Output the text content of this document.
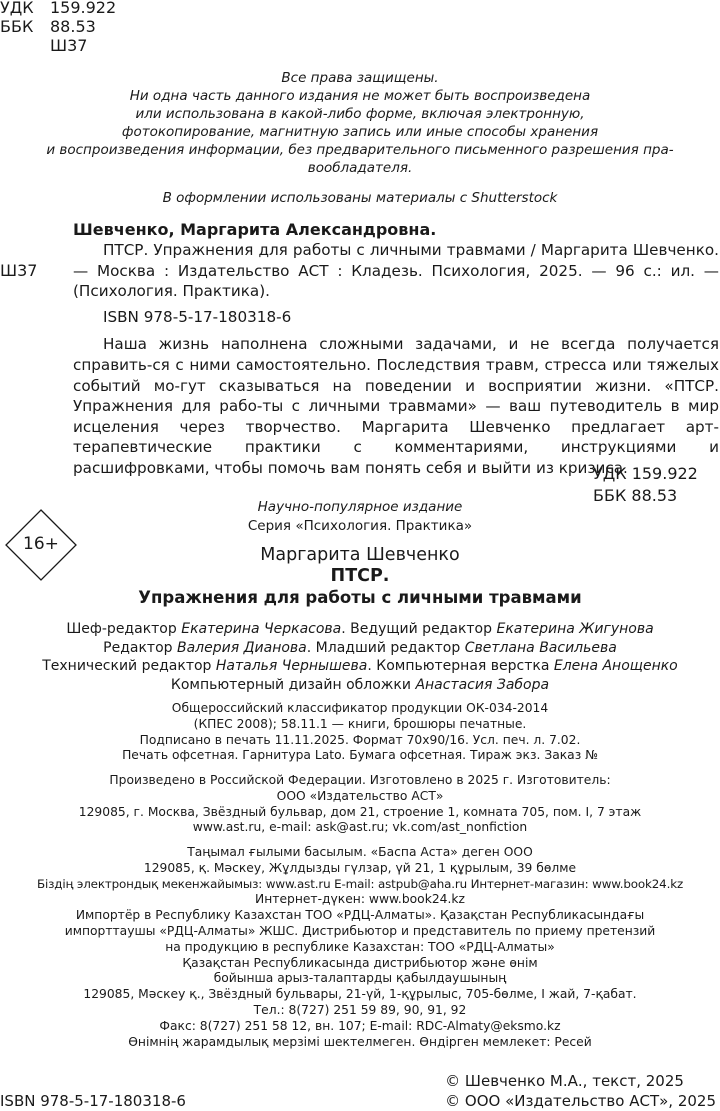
УДК 159.922
ББК 88.53
Ш37
Все права защищены.
Ни одна часть данного издания не может быть воспроизведена
или использована в какой-либо форме, включая электронную,
фотокопирование, магнитную запись или иные способы хранения
и воспроизведения информации, без предварительного письменного разрешения пра-
вообладателя.
В оформлении использованы материалы с Shutterstock
Ш37
Шевченко, Маргарита Александровна.
ПТСР. Упражнения для работы с личными травмами / Маргарита Шевченко. — Москва : Издательство АСТ : Кладезь. Психология, 2025. — 96 с.: ил. — (Психология. Практика).
ISBN 978-5-17-180318-6
Наша жизнь наполнена сложными задачами, и не всегда получается справить-ся с ними самостоятельно. Последствия травм, стресса или тяжелых событий мо-гут сказываться на поведении и восприятии жизни. «ПТСР. Упражнения для рабо-ты с личными травмами» — ваш путеводитель в мир исцеления через творчество. Маргарита Шевченко предлагает арт-терапевтические практики с комментариями, инструкциями и расшифровками, чтобы помочь вам понять себя и выйти из кризиса.
УДК 159.922
ББК 88.53
Научно-популярное издание
Серия «Психология. Практика»
16+
Маргарита Шевченко
ПТСР.
Упражнения для работы с личными травмами
Шеф-редактор Екатерина Черкасова. Ведущий редактор Екатерина Жигунова
Редактор Валерия Дианова. Младший редактор Светлана Васильева
Технический редактор Наталья Чернышева. Компьютерная верстка Елена Анощенко
Компьютерный дизайн обложки Анастасия Забора
Общероссийский классификатор продукции ОК-034-2014
(КПЕС 2008); 58.11.1 — книги, брошюры печатные.
Подписано в печать 11.11.2025. Формат 70x90/16. Усл. печ. л. 7.02.
Печать офсетная. Гарнитура Lato. Бумага офсетная. Тираж экз. Заказ №
Произведено в Российской Федерации. Изготовлено в 2025 г. Изготовитель:
ООО «Издательство АСТ»
129085, г. Москва, Звёздный бульвар, дом 21, строение 1, комната 705, пом. I, 7 этаж
www.ast.ru, e-mail: ask@ast.ru; vk.com/ast_nonfiction
Таңымал ғылыми басылым. «Баспа Аста» деген ООО
129085, қ. Мәскеу, Жұлдызды гүлзар, үй 21, 1 құрылым, 39 бөлме
Біздің электрондық мекенжайымыз: www.ast.ru E-mail: astpub@aha.ru Интернет-магазин: www.book24.kz
Интернет-дүкен: www.book24.kz
Импортёр в Республику Казахстан ТОО «РДЦ-Алматы». Қазақстан Республикасындағы
импорттаушы «РДЦ-Алматы» ЖШС. Дистрибьютор и представитель по приему претензий
на продукцию в республике Казахстан: ТОО «РДЦ-Алматы»
Қазақстан Республикасында дистрибьютор және өнім
бойынша арыз-талаптарды қабылдаушының
129085, Мәскеу қ., Звёздный бульвары, 21-үй, 1-құрылыс, 705-бөлме, I жай, 7-қабат.
Тел.: 8(727) 251 59 89, 90, 91, 92
Факс: 8(727) 251 58 12, вн. 107; E-mail: RDC-Almaty@eksmo.kz
Өнімнің жарамдылық мерзімі шектелмеген. Өндірген мемлекет: Ресей
ISBN 978-5-17-180318-6
© Шевченко М.А., текст, 2025
© ООО «Издательство АСТ», 2025
